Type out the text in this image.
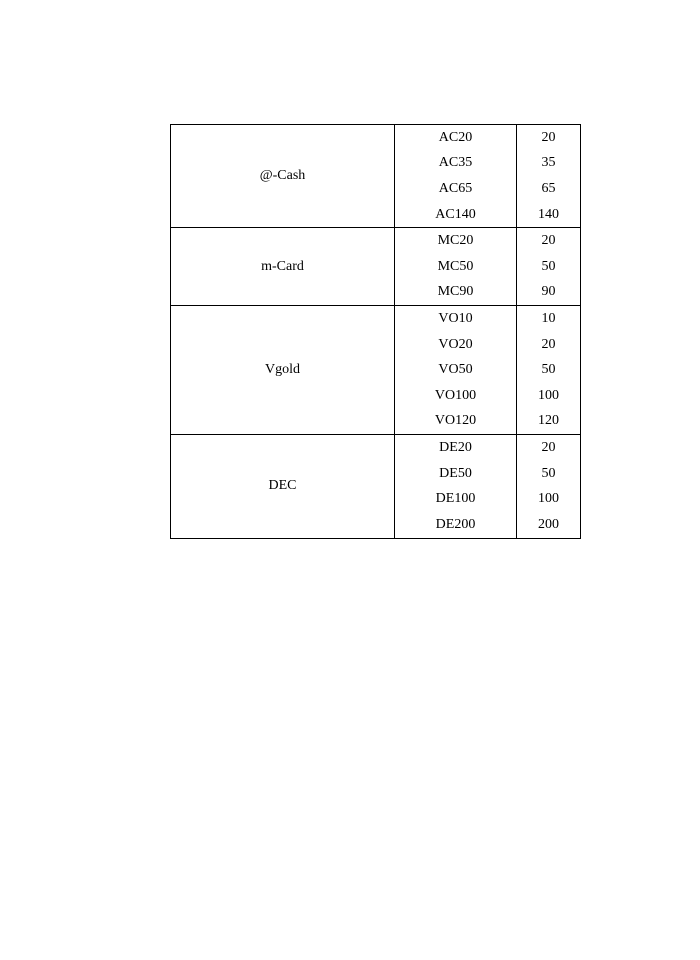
@-Cash	AC20	20
	AC35	35
	AC65	65
	AC140	140
m-Card	MC20	20
	MC50	50
	MC90	90
Vgold	VO10	10
	VO20	20
	VO50	50
	VO100	100
	VO120	120
DEC	DE20	20
	DE50	50
	DE100	100
	DE200	200
